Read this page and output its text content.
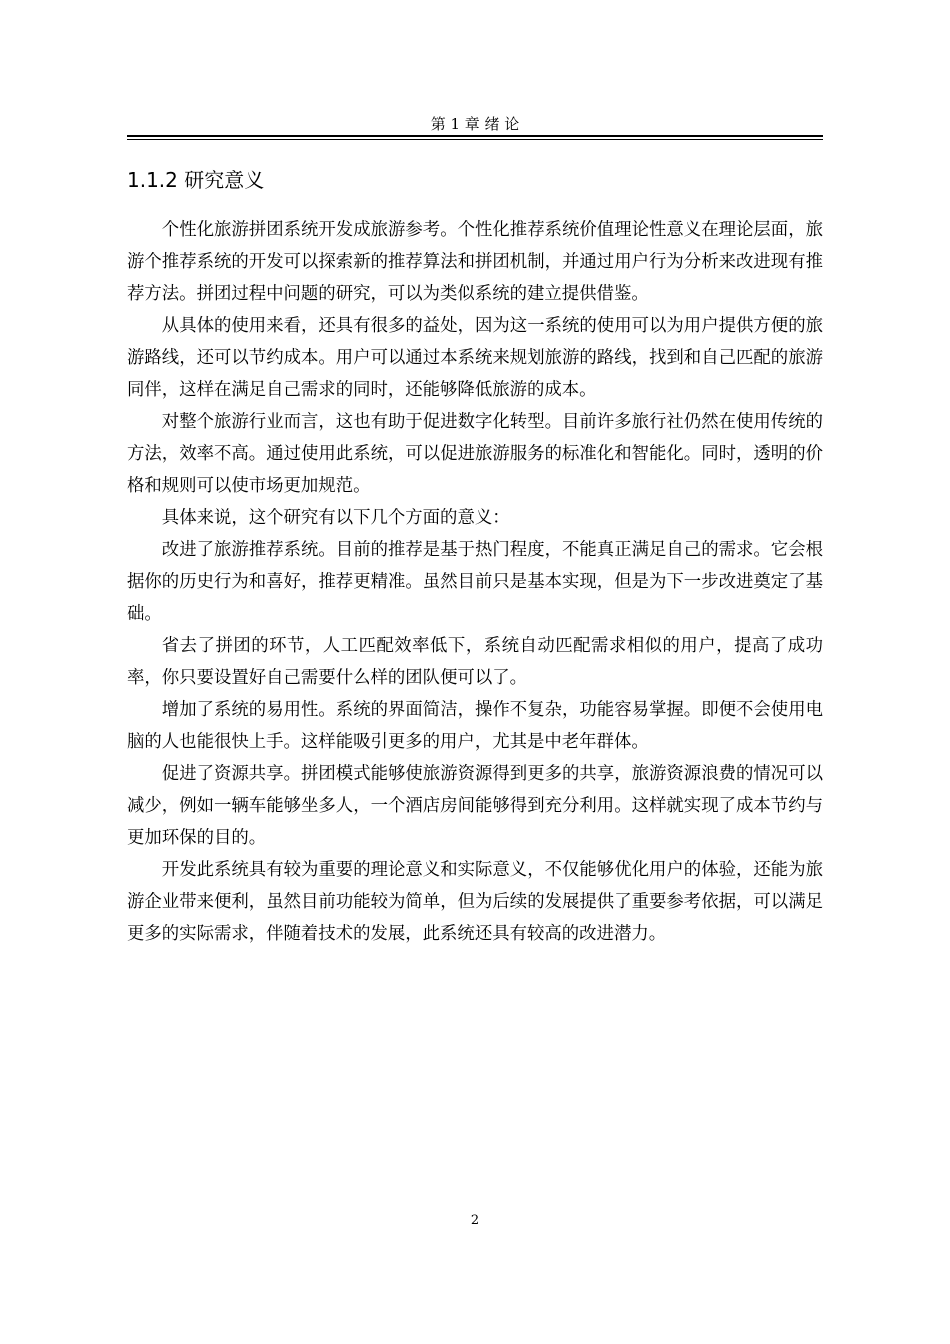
第 1 章 绪 论
1.1.2 研究意义

个性化旅游拼团系统开发成旅游参考。个性化推荐系统价值理论性意义在理论层面，旅游个推荐系统的开发可以探索新的推荐算法和拼团机制，并通过用户行为分析来改进现有推荐方法。拼团过程中问题的研究，可以为类似系统的建立提供借鉴。

从具体的使用来看，还具有很多的益处，因为这一系统的使用可以为用户提供方便的旅游路线，还可以节约成本。用户可以通过本系统来规划旅游的路线，找到和自己匹配的旅游同伴，这样在满足自己需求的同时，还能够降低旅游的成本。

对整个旅游行业而言，这也有助于促进数字化转型。目前许多旅行社仍然在使用传统的方法，效率不高。通过使用此系统，可以促进旅游服务的标准化和智能化。同时，透明的价格和规则可以使市场更加规范。

具体来说，这个研究有以下几个方面的意义：

改进了旅游推荐系统。目前的推荐是基于热门程度，不能真正满足自己的需求。它会根据你的历史行为和喜好，推荐更精准。虽然目前只是基本实现，但是为下一步改进奠定了基础。

省去了拼团的环节，人工匹配效率低下，系统自动匹配需求相似的用户，提高了成功率，你只要设置好自己需要什么样的团队便可以了。

增加了系统的易用性。系统的界面简洁，操作不复杂，功能容易掌握。即便不会使用电脑的人也能很快上手。这样能吸引更多的用户，尤其是中老年群体。

促进了资源共享。拼团模式能够使旅游资源得到更多的共享，旅游资源浪费的情况可以减少，例如一辆车能够坐多人，一个酒店房间能够得到充分利用。这样就实现了成本节约与更加环保的目的。

开发此系统具有较为重要的理论意义和实际意义，不仅能够优化用户的体验，还能为旅游企业带来便利，虽然目前功能较为简单，但为后续的发展提供了重要参考依据，可以满足更多的实际需求，伴随着技术的发展，此系统还具有较高的改进潜力。

2
